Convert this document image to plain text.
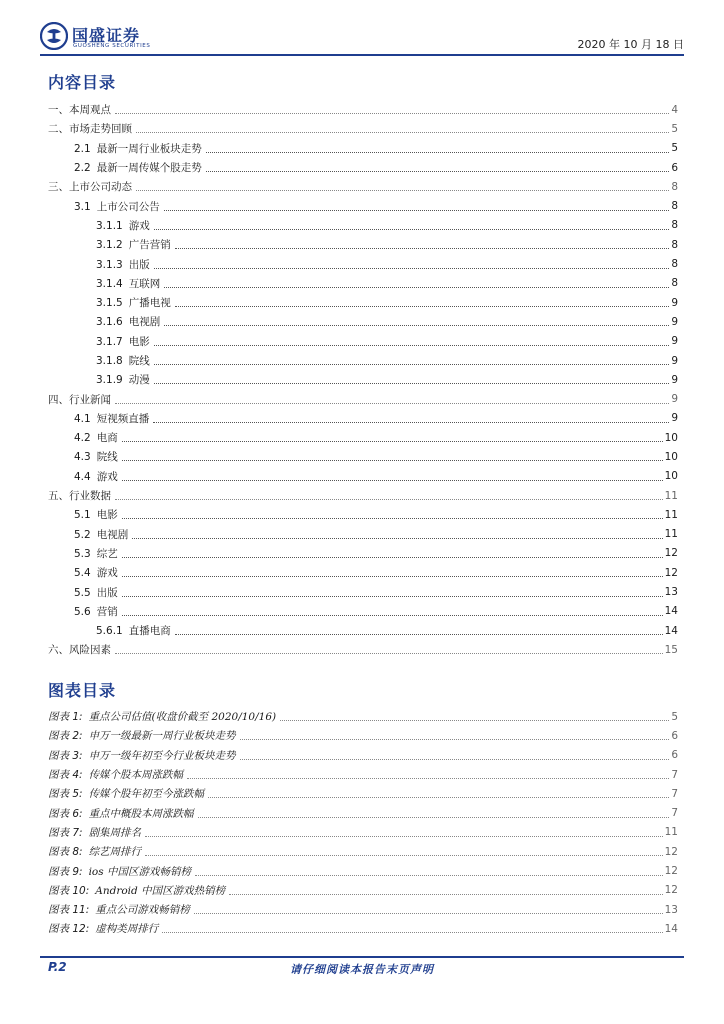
国盛证券
GUOSHENG SECURITIES	2020 年 10 月 18 日
内容目录
一、本周观点	4
二、市场走势回顾	5
2.1 最新一周行业板块走势	5
2.2 最新一周传媒个股走势	6
三、上市公司动态	8
3.1 上市公司公告	8
3.1.1 游戏	8
3.1.2 广告营销	8
3.1.3 出版	8
3.1.4 互联网	8
3.1.5 广播电视	9
3.1.6 电视剧	9
3.1.7 电影	9
3.1.8 院线	9
3.1.9 动漫	9
四、行业新闻	9
4.1 短视频直播	9
4.2 电商	10
4.3 院线	10
4.4 游戏	10
五、行业数据	11
5.1 电影	11
5.2 电视剧	11
5.3 综艺	12
5.4 游戏	12
5.5 出版	13
5.6 营销	14
5.6.1 直播电商	14
六、风险因素	15
图表目录
图表 1: 重点公司估值(收盘价截至 2020/10/16)	5
图表 2: 申万一级最新一周行业板块走势	6
图表 3: 申万一级年初至今行业板块走势	6
图表 4: 传媒个股本周涨跌幅	7
图表 5: 传媒个股年初至今涨跌幅	7
图表 6: 重点中概股本周涨跌幅	7
图表 7: 剧集周排名	11
图表 8: 综艺周排行	12
图表 9: ios 中国区游戏畅销榜	12
图表 10: Android 中国区游戏热销榜	12
图表 11: 重点公司游戏畅销榜	13
图表 12: 虚构类周排行	14
P.2	请仔细阅读本报告末页声明
